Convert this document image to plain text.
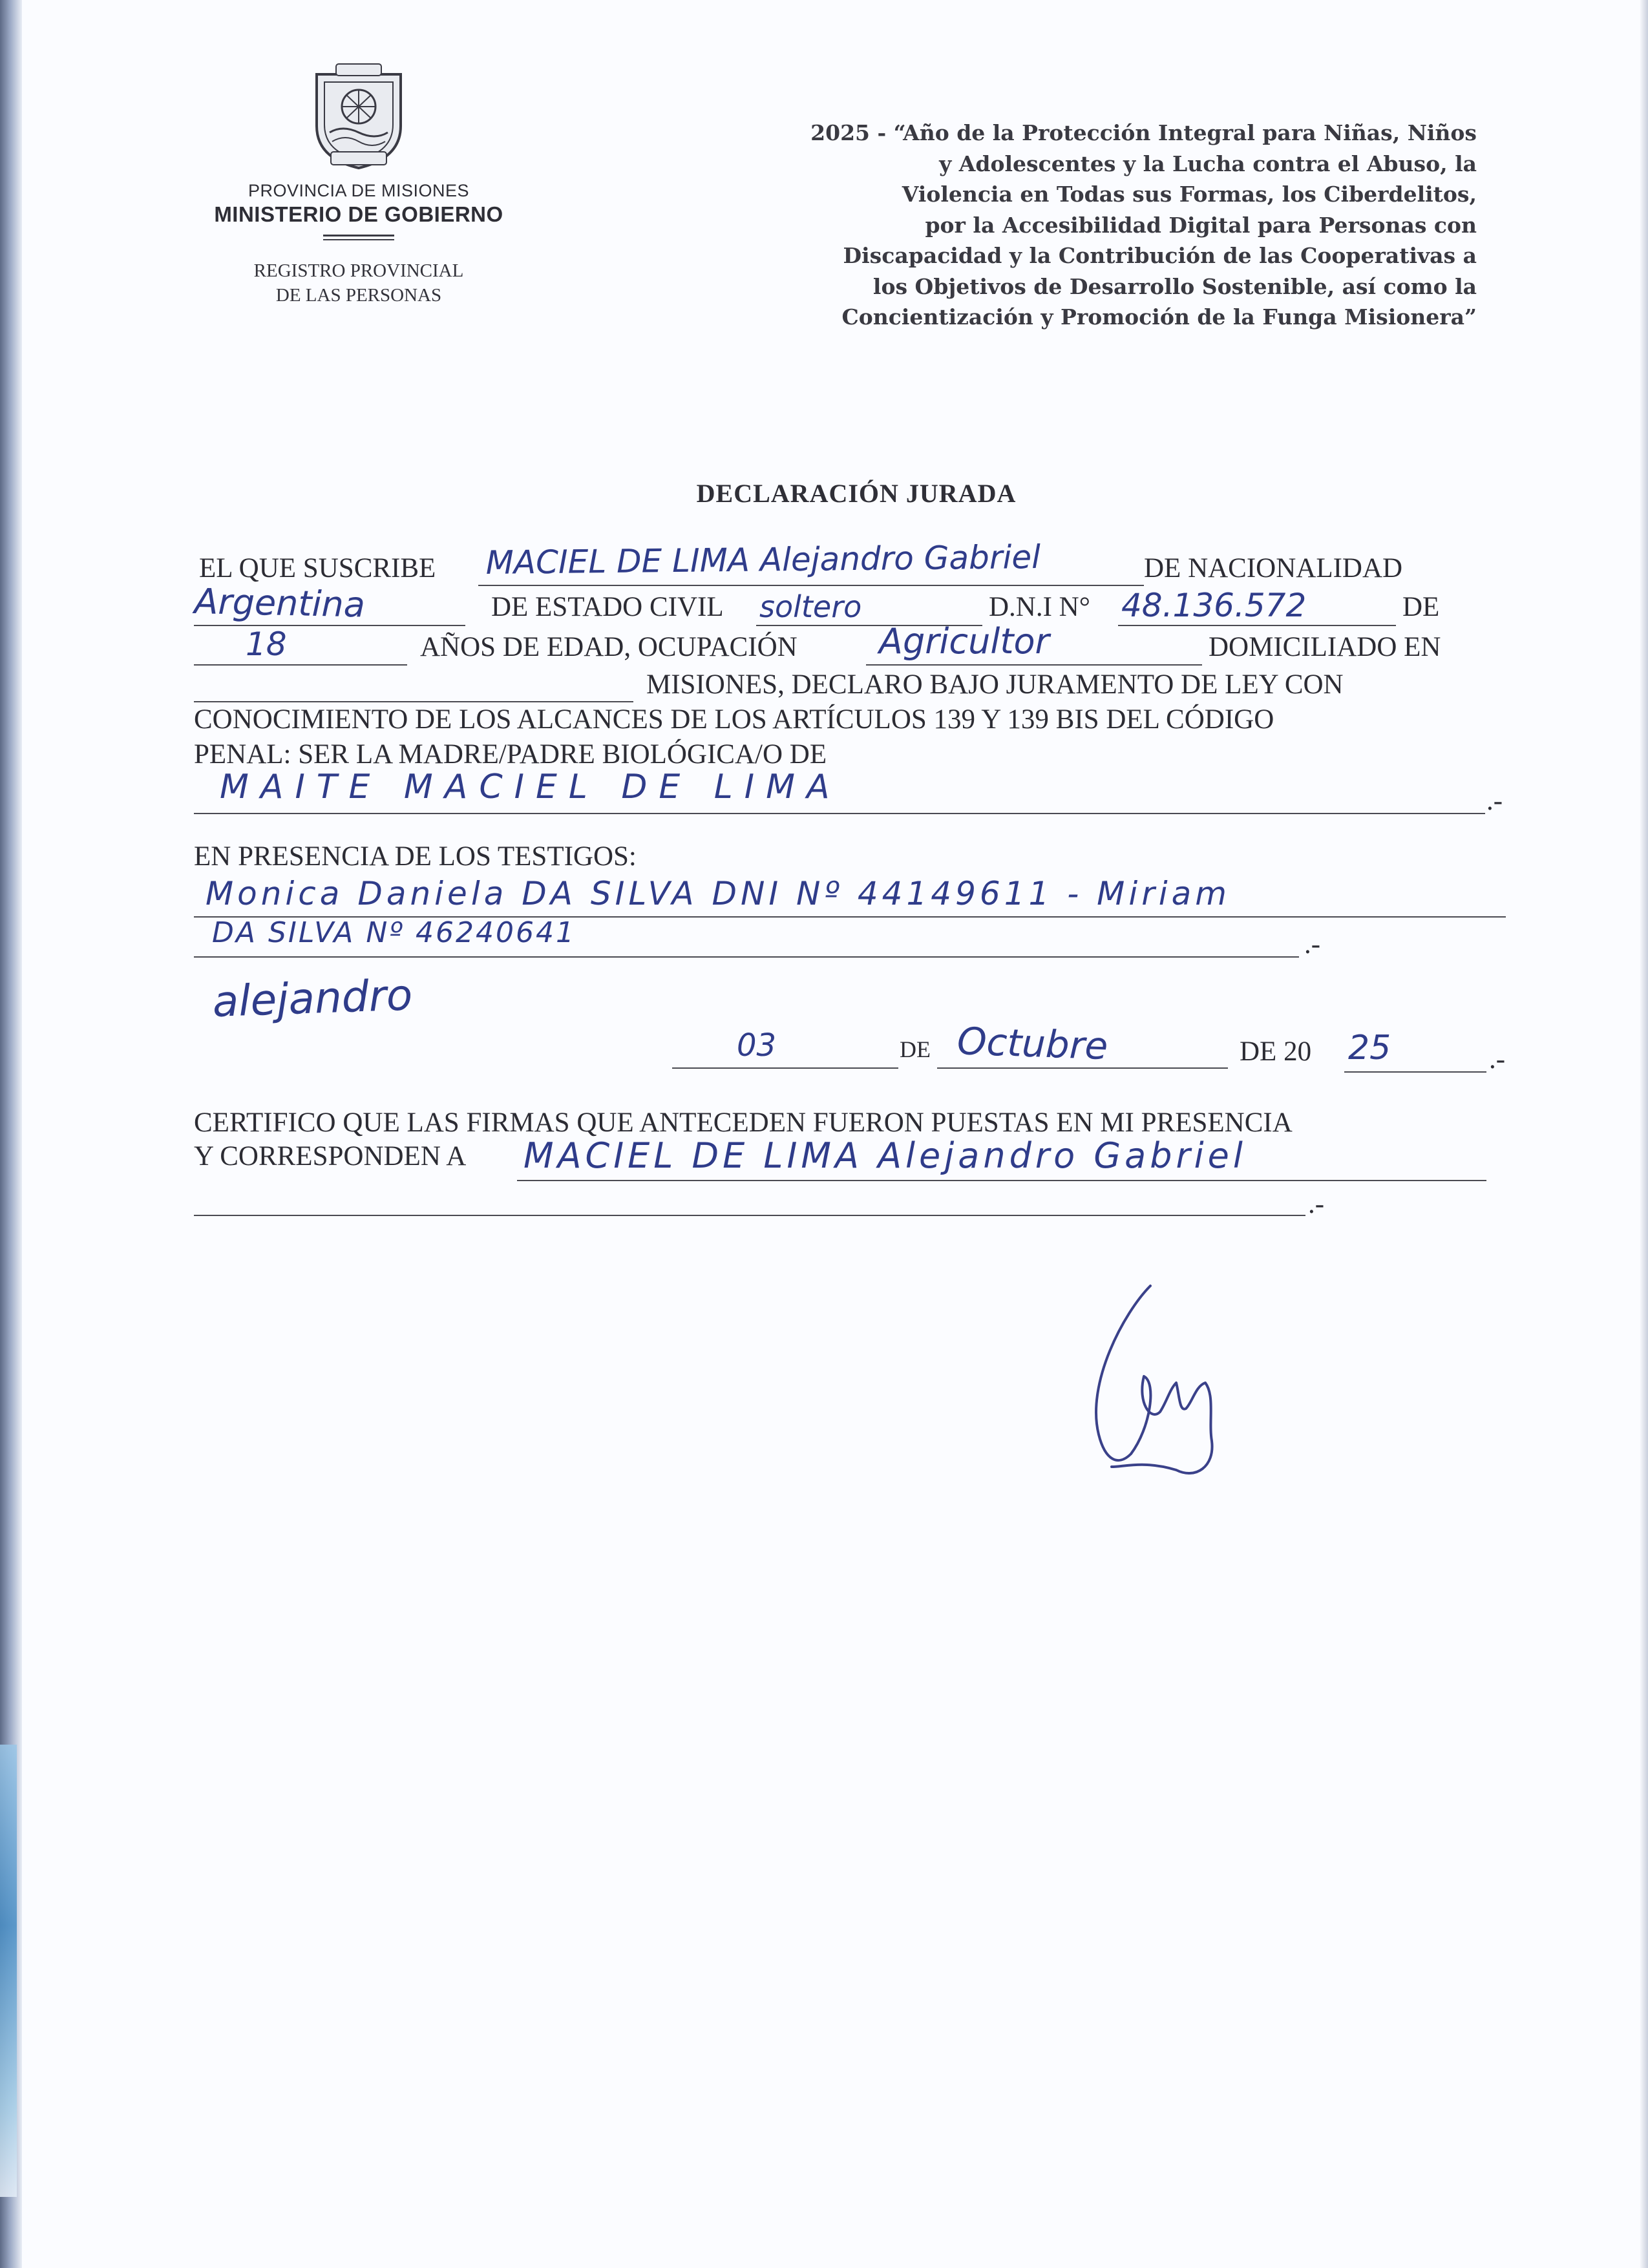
PROVINCIA DE MISIONES
MINISTERIO DE GOBIERNO
REGISTRO PROVINCIAL
DE LAS PERSONAS
2025 - “Año de la Protección Integral para Niñas, Niños
y Adolescentes y la Lucha contra el Abuso, la
Violencia en Todas sus Formas, los Ciberdelitos,
por la Accesibilidad Digital para Personas con
Discapacidad y la Contribución de las Cooperativas a
los Objetivos de Desarrollo Sostenible, así como la
Concientización y Promoción de la Funga Misionera”
DECLARACIÓN JURADA
EL QUE SUSCRIBE MACIEL DE LIMA Alejandro Gabriel	DE NACIONALIDAD
Argentina	DE ESTADO CIVIL soltero	D.N.I N° 48.136.572	DE
18	AÑOS DE EDAD, OCUPACIÓN Agricultor	DOMICILIADO EN
MISIONES, DECLARO BAJO JURAMENTO DE LEY CON
CONOCIMIENTO DE LOS ALCANCES DE LOS ARTÍCULOS 139 Y 139 BIS DEL CÓDIGO
PENAL: SER LA MADRE/PADRE BIOLÓGICA/O DE
MAITE MACIEL DE LIMA	.-
EN PRESENCIA DE LOS TESTIGOS:
Monica Daniela DA SILVA DNI Nº 44149611 - Miriam
DA SILVA Nº 46240641	.-
alejandro
03	DE Octubre	DE 20 25	.-
CERTIFICO QUE LAS FIRMAS QUE ANTECEDEN FUERON PUESTAS EN MI PRESENCIA
Y CORRESPONDEN A MACIEL DE LIMA Alejandro Gabriel
.-
